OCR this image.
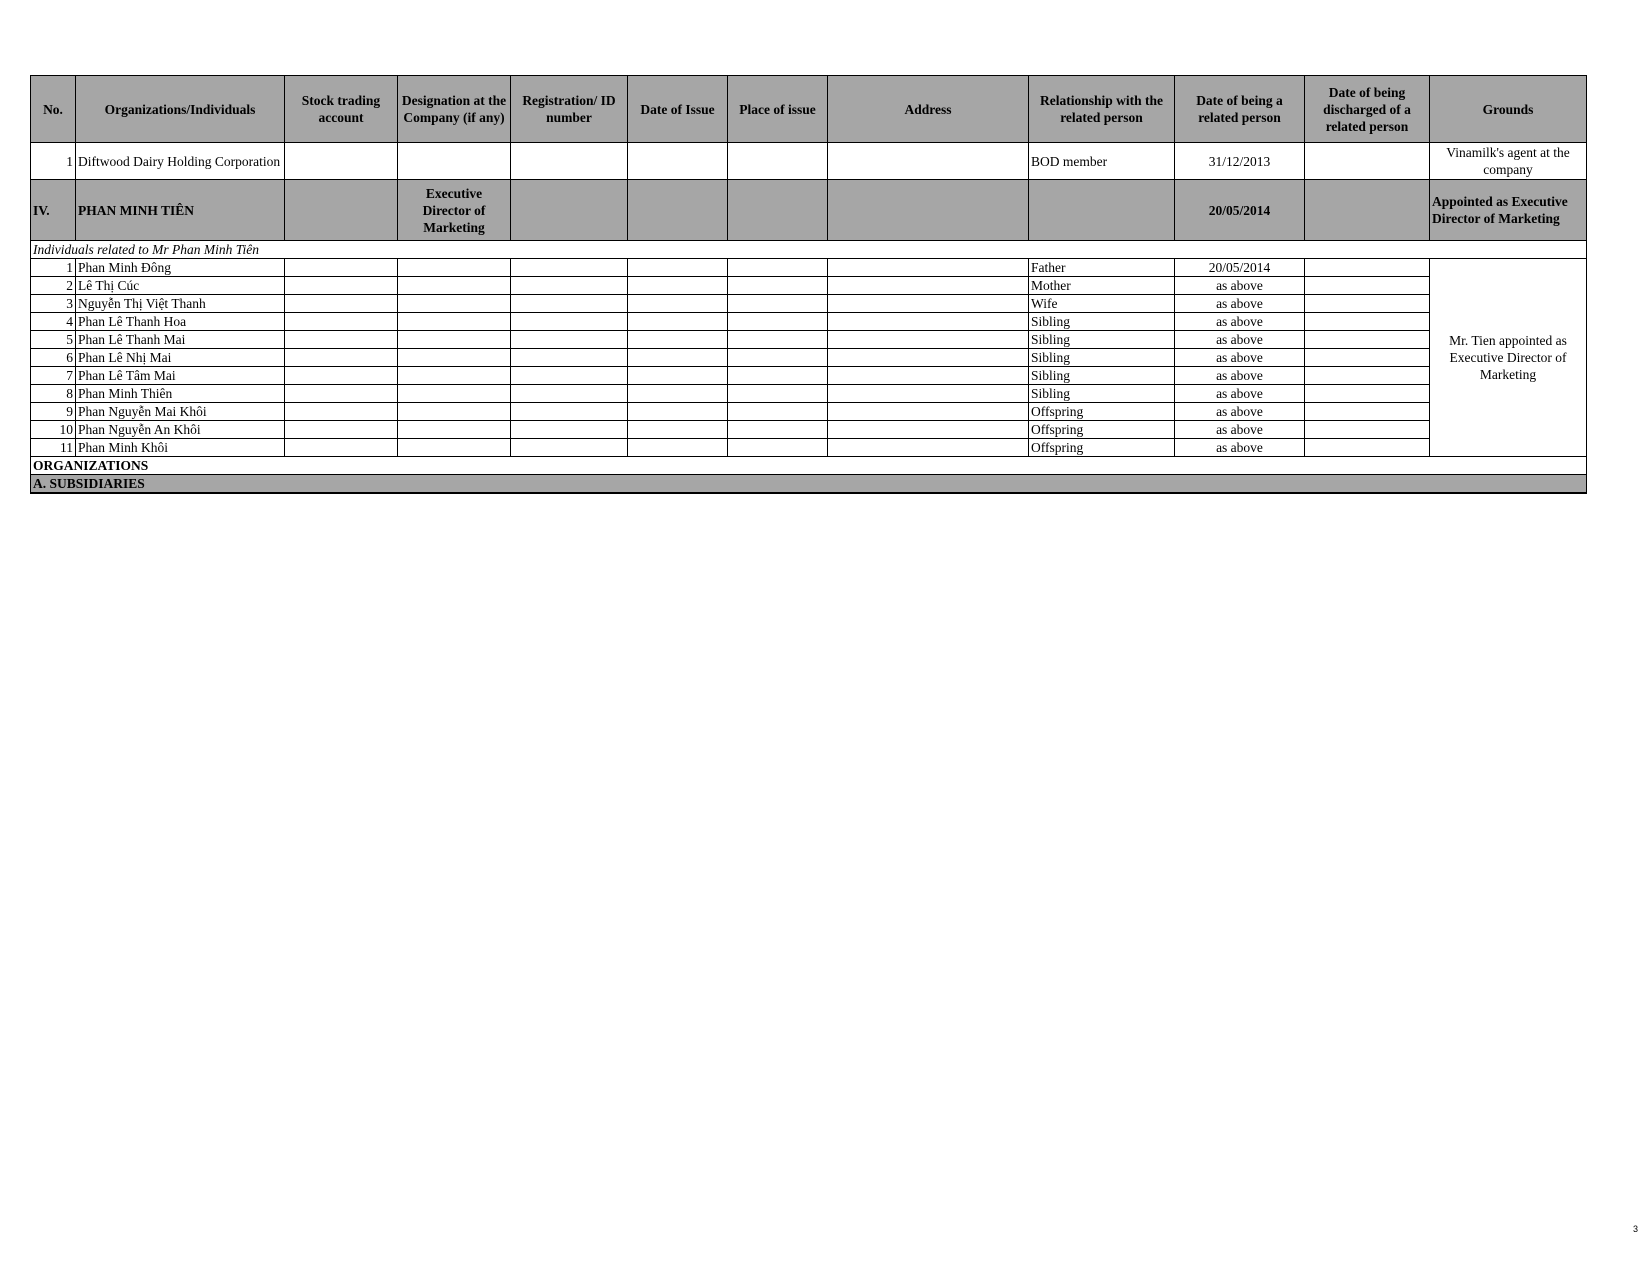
No.	Organizations/Individuals	Stock trading account	Designation at the Company (if any)	Registration/ ID number	Date of Issue	Place of issue	Address	Relationship with the related person	Date of being a related person	Date of being discharged of a related person	Grounds
1	Diftwood Dairy Holding Corporation							BOD member	31/12/2013		Vinamilk's agent at the company
IV.	PHAN MINH TIÊN		Executive Director of Marketing						20/05/2014		Appointed as Executive Director of Marketing
Individuals related to Mr Phan Minh Tiên											
1	Phan Minh Đông							Father	20/05/2014		Mr. Tien appointed as Executive Director of Marketing
2	Lê Thị Cúc							Mother	as above		
3	Nguyễn Thị Việt Thanh							Wife	as above		
4	Phan Lê Thanh Hoa							Sibling	as above		
5	Phan Lê Thanh Mai							Sibling	as above		
6	Phan Lê Nhị Mai							Sibling	as above		
7	Phan Lê Tâm Mai							Sibling	as above		
8	Phan Minh Thiên							Sibling	as above		
9	Phan Nguyễn Mai Khôi							Offspring	as above		
10	Phan Nguyễn An Khôi							Offspring	as above		
11	Phan Minh Khôi							Offspring	as above		
ORGANIZATIONS											
A. SUBSIDIARIES											
3
